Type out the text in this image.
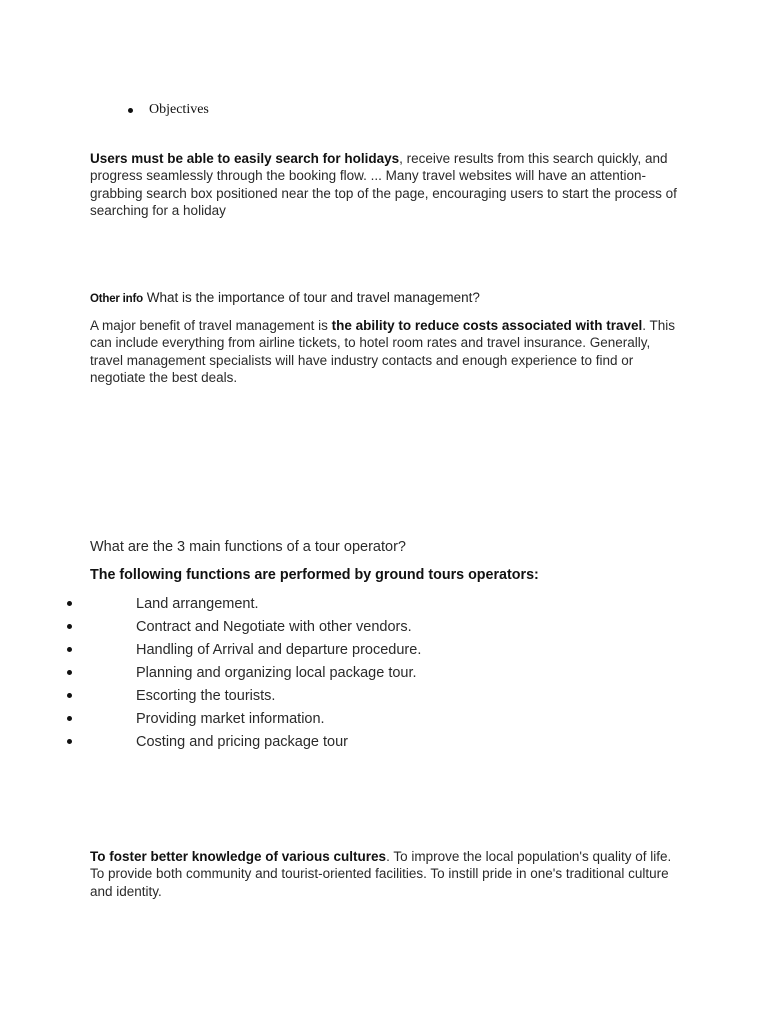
Objectives
Users must be able to easily search for holidays, receive results from this search quickly, and progress seamlessly through the booking flow. ... Many travel websites will have an attention-grabbing search box positioned near the top of the page, encouraging users to start the process of searching for a holiday
Other info What is the importance of tour and travel management?
A major benefit of travel management is the ability to reduce costs associated with travel. This can include everything from airline tickets, to hotel room rates and travel insurance. Generally, travel management specialists will have industry contacts and enough experience to find or negotiate the best deals.
What are the 3 main functions of a tour operator?
The following functions are performed by ground tours operators:
Land arrangement.
Contract and Negotiate with other vendors.
Handling of Arrival and departure procedure.
Planning and organizing local package tour.
Escorting the tourists.
Providing market information.
Costing and pricing package tour
To foster better knowledge of various cultures. To improve the local population's quality of life. To provide both community and tourist-oriented facilities. To instill pride in one's traditional culture and identity.
